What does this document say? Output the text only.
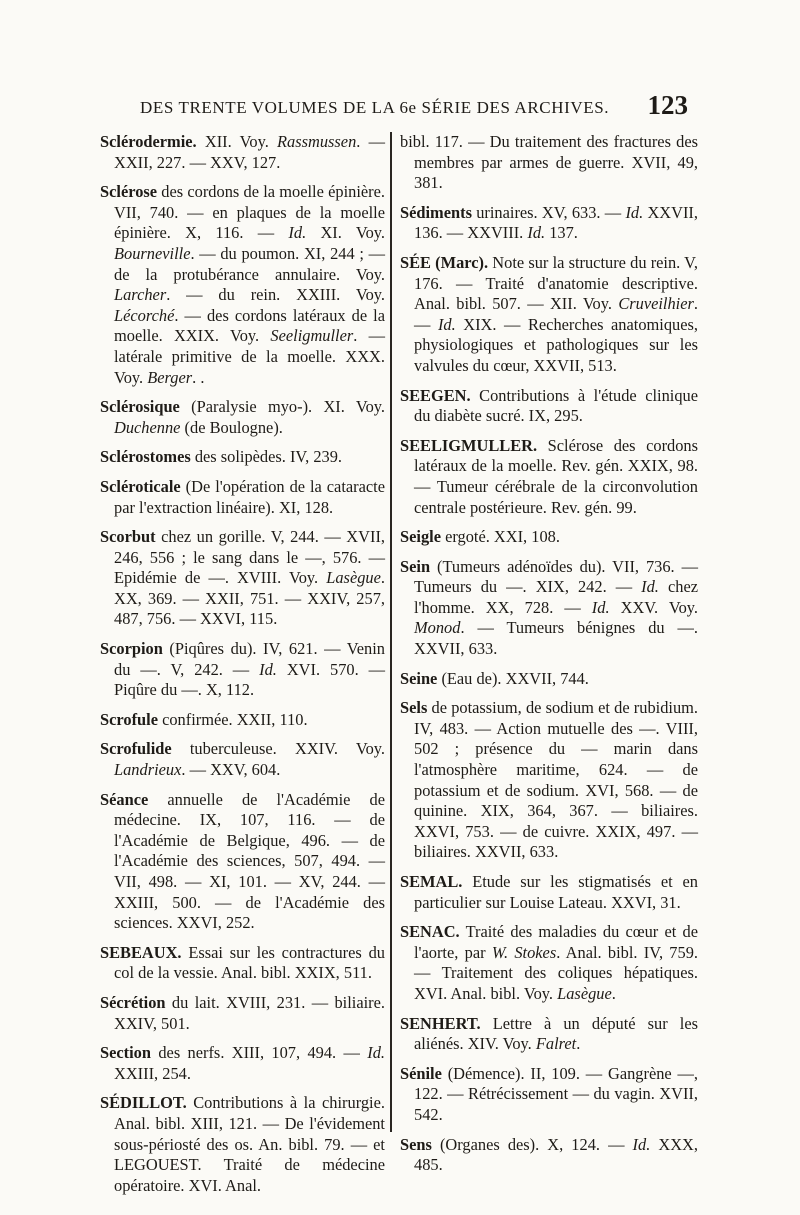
DES TRENTE VOLUMES DE LA 6e SÉRIE DES ARCHIVES. 123

Sclérodermie. XII. Voy. Rassmussen. — XXII, 227. — XXV, 127.

Sclérose des cordons de la moelle épinière. VII, 740. — en plaques de la moelle épinière. X, 116. — Id. XI. Voy. Bourneville. — du poumon. XI, 244 ; — de la protubérance annulaire. Voy. Larcher. — du rein. XXIII. Voy. Lécorché. — des cordons latéraux de la moelle. XXIX. Voy. Seeligmuller. — latérale primitive de la moelle. XXX. Voy. Berger. .

Sclérosique (Paralysie myo-). XI. Voy. Duchenne (de Boulogne).

Sclérostomes des solipèdes. IV, 239.

Scléroticale (De l'opération de la cataracte par l'extraction linéaire). XI, 128.

Scorbut chez un gorille. V, 244. — XVII, 246, 556 ; le sang dans le —, 576. — Epidémie de —. XVIII. Voy. Lasègue. XX, 369. — XXII, 751. — XXIV, 257, 487, 756. — XXVI, 115.

Scorpion (Piqûres du). IV, 621. — Venin du —. V, 242. — Id. XVI. 570. — Piqûre du —. X, 112.

Scrofule confirmée. XXII, 110.

Scrofulide tuberculeuse. XXIV. Voy. Landrieux. — XXV, 604.

Séance annuelle de l'Académie de médecine. IX, 107, 116. — de l'Académie de Belgique, 496. — de l'Académie des sciences, 507, 494. — VII, 498. — XI, 101. — XV, 244. — XXIII, 500. — de l'Académie des sciences. XXVI, 252.

SEBEAUX. Essai sur les contractures du col de la vessie. Anal. bibl. XXIX, 511.

Sécrétion du lait. XVIII, 231. — biliaire. XXIV, 501.

Section des nerfs. XIII, 107, 494. — Id. XXIII, 254.

SÉDILLOT. Contributions à la chirurgie. Anal. bibl. XIII, 121. — De l'évidement sous-périosté des os. An. bibl. 79. — et LEGOUEST. Traité de médecine opératoire. XVI. Anal.

bibl. 117. — Du traitement des fractures des membres par armes de guerre. XVII, 49, 381.

Sédiments urinaires. XV, 633. — Id. XXVII, 136. — XXVIII. Id. 137.

SÉE (Marc). Note sur la structure du rein. V, 176. — Traité d'anatomie descriptive. Anal. bibl. 507. — XII. Voy. Cruveilhier. — Id. XIX. — Recherches anatomiques, physiologiques et pathologiques sur les valvules du cœur, XXVII, 513.

SEEGEN. Contributions à l'étude clinique du diabète sucré. IX, 295.

SEELIGMULLER. Sclérose des cordons latéraux de la moelle. Rev. gén. XXIX, 98. — Tumeur cérébrale de la circonvolution centrale postérieure. Rev. gén. 99.

Seigle ergoté. XXI, 108.

Sein (Tumeurs adénoïdes du). VII, 736. — Tumeurs du —. XIX, 242. — Id. chez l'homme. XX, 728. — Id. XXV. Voy. Monod. — Tumeurs bénignes du —. XXVII, 633.

Seine (Eau de). XXVII, 744.

Sels de potassium, de sodium et de rubidium. IV, 483. — Action mutuelle des —. VIII, 502 ; présence du — marin dans l'atmosphère maritime, 624. — de potassium et de sodium. XVI, 568. — de quinine. XIX, 364, 367. — biliaires. XXVI, 753. — de cuivre. XXIX, 497. — biliaires. XXVII, 633.

SEMAL. Etude sur les stigmatisés et en particulier sur Louise Lateau. XXVI, 31.

SENAC. Traité des maladies du cœur et de l'aorte, par W. Stokes. Anal. bibl. IV, 759. — Traitement des coliques hépatiques. XVI. Anal. bibl. Voy. Lasègue.

SENHERT. Lettre à un député sur les aliénés. XIV. Voy. Falret.

Sénile (Démence). II, 109. — Gangrène —, 122. — Rétrécissement — du vagin. XVII, 542.

Sens (Organes des). X, 124. — Id. XXX, 485.
